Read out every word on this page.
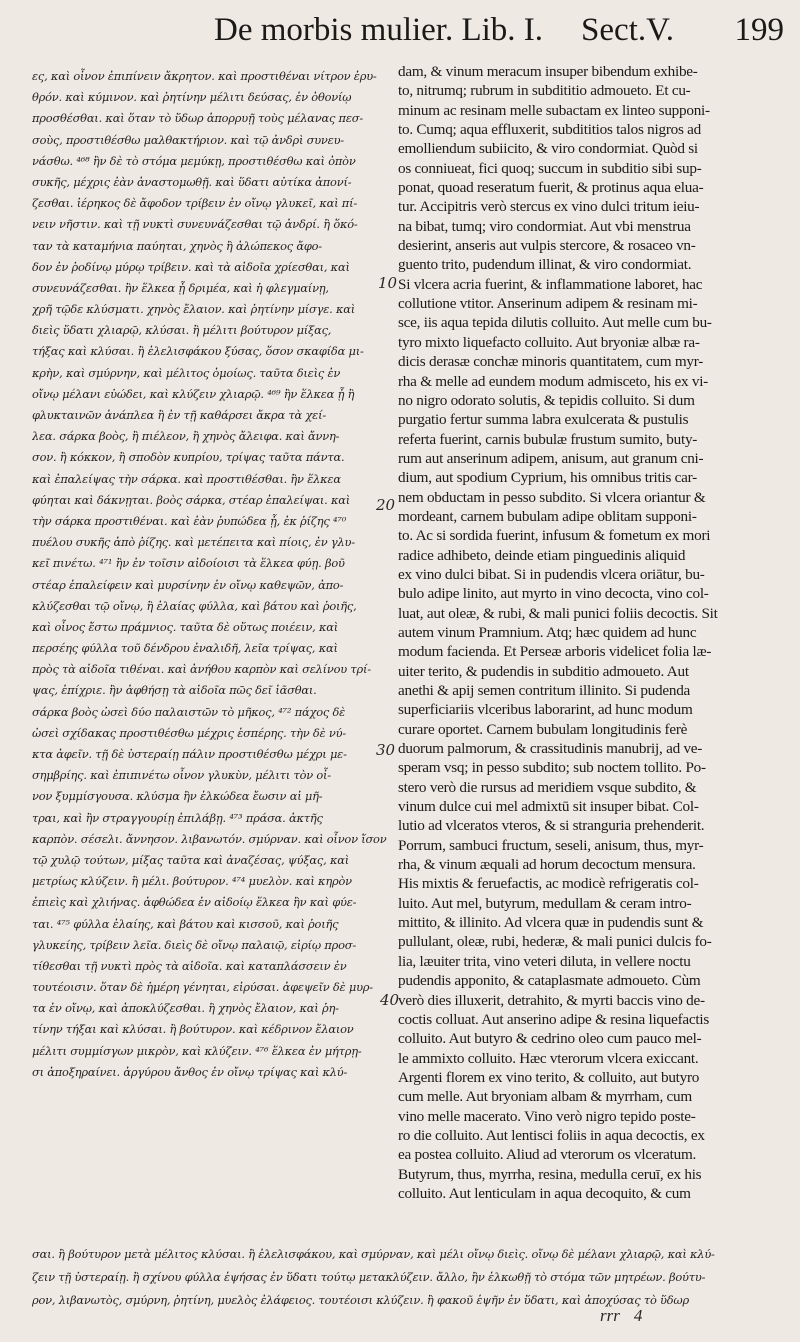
De morbis mulier. Lib. I. Sect.V. 199
ες, καὶ οἶνον ἐπιπίνειν ἄκρητον. καὶ προστιθέναι νίτρον ἐρυ-
θρόν. καὶ κύμινον. καὶ ῥητίνην μέλιτι δεύσας, ἐν ὀθονίῳ
προσθέσθαι. καὶ ὅταν τὸ ὕδωρ ἀπορρυῇ τοὺς μέλανας πεσ-
σοὺς, προστιθέσθω μαλθακτήριον. καὶ τῷ ἀνδρὶ συνευ-
νάσθω. ⁴⁶⁸ ἢν δὲ τὸ στόμα μεμύκῃ, προστιθέσθω καὶ ὀπὸν
συκῆς, μέχρις ἐὰν ἀναστομωθῇ. καὶ ὕδατι αὐτίκα ἀπονί-
ζεσθαι. ἰέρηκος δὲ ἄφοδον τρίβειν ἐν οἴνῳ γλυκεῖ, καὶ πί-
νειν νῆστιν. καὶ τῇ νυκτὶ συνευνάζεσθαι τῷ ἀνδρί. ἢ ὅκό-
ταν τὰ καταμήνια παύηται, χηνὸς ἢ ἀλώπεκος ἄφο-
δον ἐν ῥοδίνῳ μύρῳ τρίβειν. καὶ τὰ αἰδοῖα χρίεσθαι, καὶ
συνευνάζεσθαι. ἢν ἕλκεα ᾖ δριμέα, καὶ ἡ φλεγμαίνῃ,
χρῆ τῷδε κλύσματι. χηνὸς ἔλαιον. καὶ ῥητίνην μίσγε. καὶ
διεὶς ὕδατι χλιαρῷ, κλύσαι. ἢ μέλιτι βούτυρον μίξας,
τήξας καὶ κλύσαι. ἢ ἐλελισφάκου ξύσας, ὅσον σκαφίδα μι-
κρὴν, καὶ σμύρνην, καὶ μέλιτος ὁμοίως. ταῦτα διεὶς ἐν
οἴνῳ μέλανι εὐώδει, καὶ κλύζειν χλιαρῷ. ⁴⁶⁹ ἢν ἕλκεα ᾖ ἢ
φλυκταινῶν ἀνάπλεα ἢ ἐν τῇ καθάρσει ἄκρα τὰ χεί-
λεα. σάρκα βοὸς, ἢ πιέλεον, ἢ χηνὸς ἄλειφα. καὶ ἄννη-
σον. ἢ κόκκον, ἢ σποδὸν κυπρίου, τρίψας ταῦτα πάντα.
καὶ ἐπαλείψας τὴν σάρκα. καὶ προστιθέσθαι. ἢν ἕλκεα
φύηται καὶ δάκνῃται. βοὸς σάρκα, στέαρ ἐπαλείψαι. καὶ
τὴν σάρκα προστιθέναι. καὶ ἐὰν ῥυπώδεα ᾖ, ἐκ ῥίζης ⁴⁷⁰
πυέλου συκῆς ἀπὸ ῥίζης. καὶ μετέπειτα καὶ πίοις, ἐν γλυ-
κεῖ πινέτω. ⁴⁷¹ ἢν ἐν τοῖσιν αἰδοίοισι τὰ ἕλκεα φύῃ. βοῦ
στέαρ ἐπαλείφειν καὶ μυρσίνην ἐν οἴνῳ καθεψῶν, ἀπο-
κλύζεσθαι τῷ οἴνῳ, ἢ ἐλαίας φύλλα, καὶ βάτου καὶ ῥοιῆς,
καὶ οἶνος ἔστω πράμνιος. ταῦτα δὲ οὕτως ποιέειν, καὶ
περσέης φύλλα τοῦ δένδρου ἐναλιδῆ, λεῖα τρίψας, καὶ
πρὸς τὰ αἰδοῖα τιθέναι. καὶ ἀνήθου καρπὸν καὶ σελίνου τρί-
ψας, ἐπίχριε. ἢν ἀφθήσῃ τὰ αἰδοῖα πῶς δεῖ ἰᾶσθαι.
σάρκα βοὸς ὡσεὶ δύο παλαιστῶν τὸ μῆκος, ⁴⁷² πάχος δὲ
ὡσεὶ σχίδακας προστιθέσθω μέχρις ἑσπέρης. τὴν δὲ νύ-
κτα ἀφεῖν. τῇ δὲ ὑστεραίῃ πάλιν προστιθέσθω μέχρι με-
σημβρίης. καὶ ἐπιπινέτω οἶνον γλυκὺν, μέλιτι τὸν οἶ-
νον ξυμμίσγουσα. κλύσμα ἢν ἑλκώδεα ἔωσιν αἱ μῆ-
τραι, καὶ ἢν στραγγουρίῃ ἐπιλάβῃ. ⁴⁷³ πράσα. ἀκτῆς
καρπὸν. σέσελι. ἄννησον. λιβανωτόν. σμύρναν. καὶ οἶνον ἴσον
τῷ χυλῷ τούτων, μίξας ταῦτα καὶ ἀναζέσας, ψύξας, καὶ
μετρίως κλύζειν. ἢ μέλι. βούτυρον. ⁴⁷⁴ μυελὸν. καὶ κηρὸν
ἐπιεὶς καὶ χλιήνας. ἀφθώδεα ἐν αἰδοίῳ ἕλκεα ἢν καὶ φύε-
ται. ⁴⁷⁵ φύλλα ἐλαίης, καὶ βάτου καὶ κισσοῦ, καὶ ῥοιῆς
γλυκείης, τρίβειν λεῖα. διεὶς δὲ οἴνῳ παλαιῷ, εἰρίῳ προσ-
τίθεσθαι τῇ νυκτὶ πρὸς τὰ αἰδοῖα. καὶ καταπλάσσειν ἐν
τουτέοισιν. ὅταν δὲ ἡμέρη γένηται, εἰρύσαι. ἀφεψεῖν δὲ μυρ-
τα ἐν οἴνῳ, καὶ ἀποκλύζεσθαι. ἢ χηνὸς ἔλαιον, καὶ ῥη-
τίνην τήξαι καὶ κλύσαι. ἢ βούτυρον. καὶ κέδρινον ἔλαιον
μέλιτι συμμίσγων μικρὸν, καὶ κλύζειν. ⁴⁷⁶ ἕλκεα ἐν μήτρῃ-
σι ἀποξηραίνει. ἀργύρου ἄνθος ἐν οἴνῳ τρίψας καὶ κλύ-
dam, & vinum meracum insuper bibendum exhibe-
to, nitrumq; rubrum in subdititio admoueto. Et cu-
minum ac resinam melle subactam ex linteo supponi-
to. Cumq; aqua effluxerit, subdititios talos nigros ad
emolliendum subiicito, & viro condormiat. Quòd si
os conniueat, fici quoq; succum in subditio sibi sup-
ponat, quoad reseratum fuerit, & protinus aqua elua-
tur. Accipitris verò stercus ex vino dulci tritum ieiu-
na bibat, tumq; viro condormiat. Aut vbi menstrua
desierint, anseris aut vulpis stercore, & rosaceo vn-
guento trito, pudendum illinat, & viro condormiat.
Si vlcera acria fuerint, & inflammatione laboret, hac
collutione vtitor. Anserinum adipem & resinam mi-
sce, iis aqua tepida dilutis colluito. Aut melle cum bu-
tyro mixto liquefacto colluito. Aut bryoniæ albæ ra-
dicis derasæ conchæ minoris quantitatem, cum myr-
rha & melle ad eundem modum admisceto, his ex vi-
no nigro odorato solutis, & tepidis colluito. Si dum
purgatio fertur summa labra exulcerata & pustulis
referta fuerint, carnis bubulæ frustum sumito, buty-
rum aut anserinum adipem, anisum, aut granum cni-
dium, aut spodium Cyprium, his omnibus tritis car-
nem obductam in pesso subdito. Si vlcera oriantur &
mordeant, carnem bubulam adipe oblitam supponi-
to. Ac si sordida fuerint, infusum & fometum ex mori
radice adhibeto, deinde etiam pinguedinis aliquid
ex vino dulci bibat. Si in pudendis vlcera oriātur, bu-
bulo adipe linito, aut myrto in vino decocta, vino col-
luat, aut oleæ, & rubi, & mali punici foliis decoctis. Sit
autem vinum Pramnium. Atq; hæc quidem ad hunc
modum facienda. Et Perseæ arboris videlicet folia læ-
uiter terito, & pudendis in subditio admoueto. Aut
anethi & apij semen contritum illinito. Si pudenda
superficiariis vlceribus laborarint, ad hunc modum
curare oportet. Carnem bubulam longitudinis ferè
duorum palmorum, & crassitudinis manubrij, ad ve-
speram vsq; in pesso subdito; sub noctem tollito. Po-
stero verò die rursus ad meridiem vsque subdito, &
vinum dulce cui mel admixtū sit insuper bibat. Col-
lutio ad vlceratos vteros, & si stranguria prehenderit.
Porrum, sambuci fructum, seseli, anisum, thus, myr-
rha, & vinum æquali ad horum decoctum mensura.
His mixtis & feruefactis, ac modicè refrigeratis col-
luito. Aut mel, butyrum, medullam & ceram intro-
mittito, & illinito. Ad vlcera quæ in pudendis sunt &
pullulant, oleæ, rubi, hederæ, & mali punici dulcis fo-
lia, læuiter trita, vino veteri diluta, in vellere noctu
pudendis apponito, & cataplasmate admoueto. Cùm
verò dies illuxerit, detrahito, & myrti baccis vino de-
coctis colluat. Aut anserino adipe & resina liquefactis
colluito. Aut butyro & cedrino oleo cum pauco mel-
le ammixto colluito. Hæc vterorum vlcera exiccant.
Argenti florem ex vino terito, & colluito, aut butyro
cum melle. Aut bryoniam albam & myrrham, cum
vino melle macerato. Vino verò nigro tepido poste-
ro die colluito. Aut lentisci foliis in aqua decoctis, ex
ea postea colluito. Aliud ad vterorum os vlceratum.
Butyrum, thus, myrrha, resina, medulla ceruī, ex his
colluito. Aut lenticulam in aqua decoquito, & cum
10
20
30
40
rrr 4
σαι. ἢ βούτυρον μετὰ μέλιτος κλύσαι. ἢ ἐλελισφάκου, καὶ σμύρναν, καὶ μέλι οἴνῳ διεὶς. οἴνῳ δὲ μέλανι χλιαρῷ, καὶ κλύ-
ζειν τῇ ὑστεραίῃ. ἢ σχίνου φύλλα ἑψήσας ἐν ὕδατι τούτῳ μετακλύζειν. ἄλλο, ἢν ἑλκωθῇ τὸ στόμα τῶν μητρέων. βούτυ-
ρον, λιβανωτὸς, σμύρνη, ῥητίνη, μυελὸς ἐλάφειος. τουτέοισι κλύζειν. ἢ φακοῦ ἑψῆν ἐν ὕδατι, καὶ ἀποχύσας τὸ ὕδωρ
